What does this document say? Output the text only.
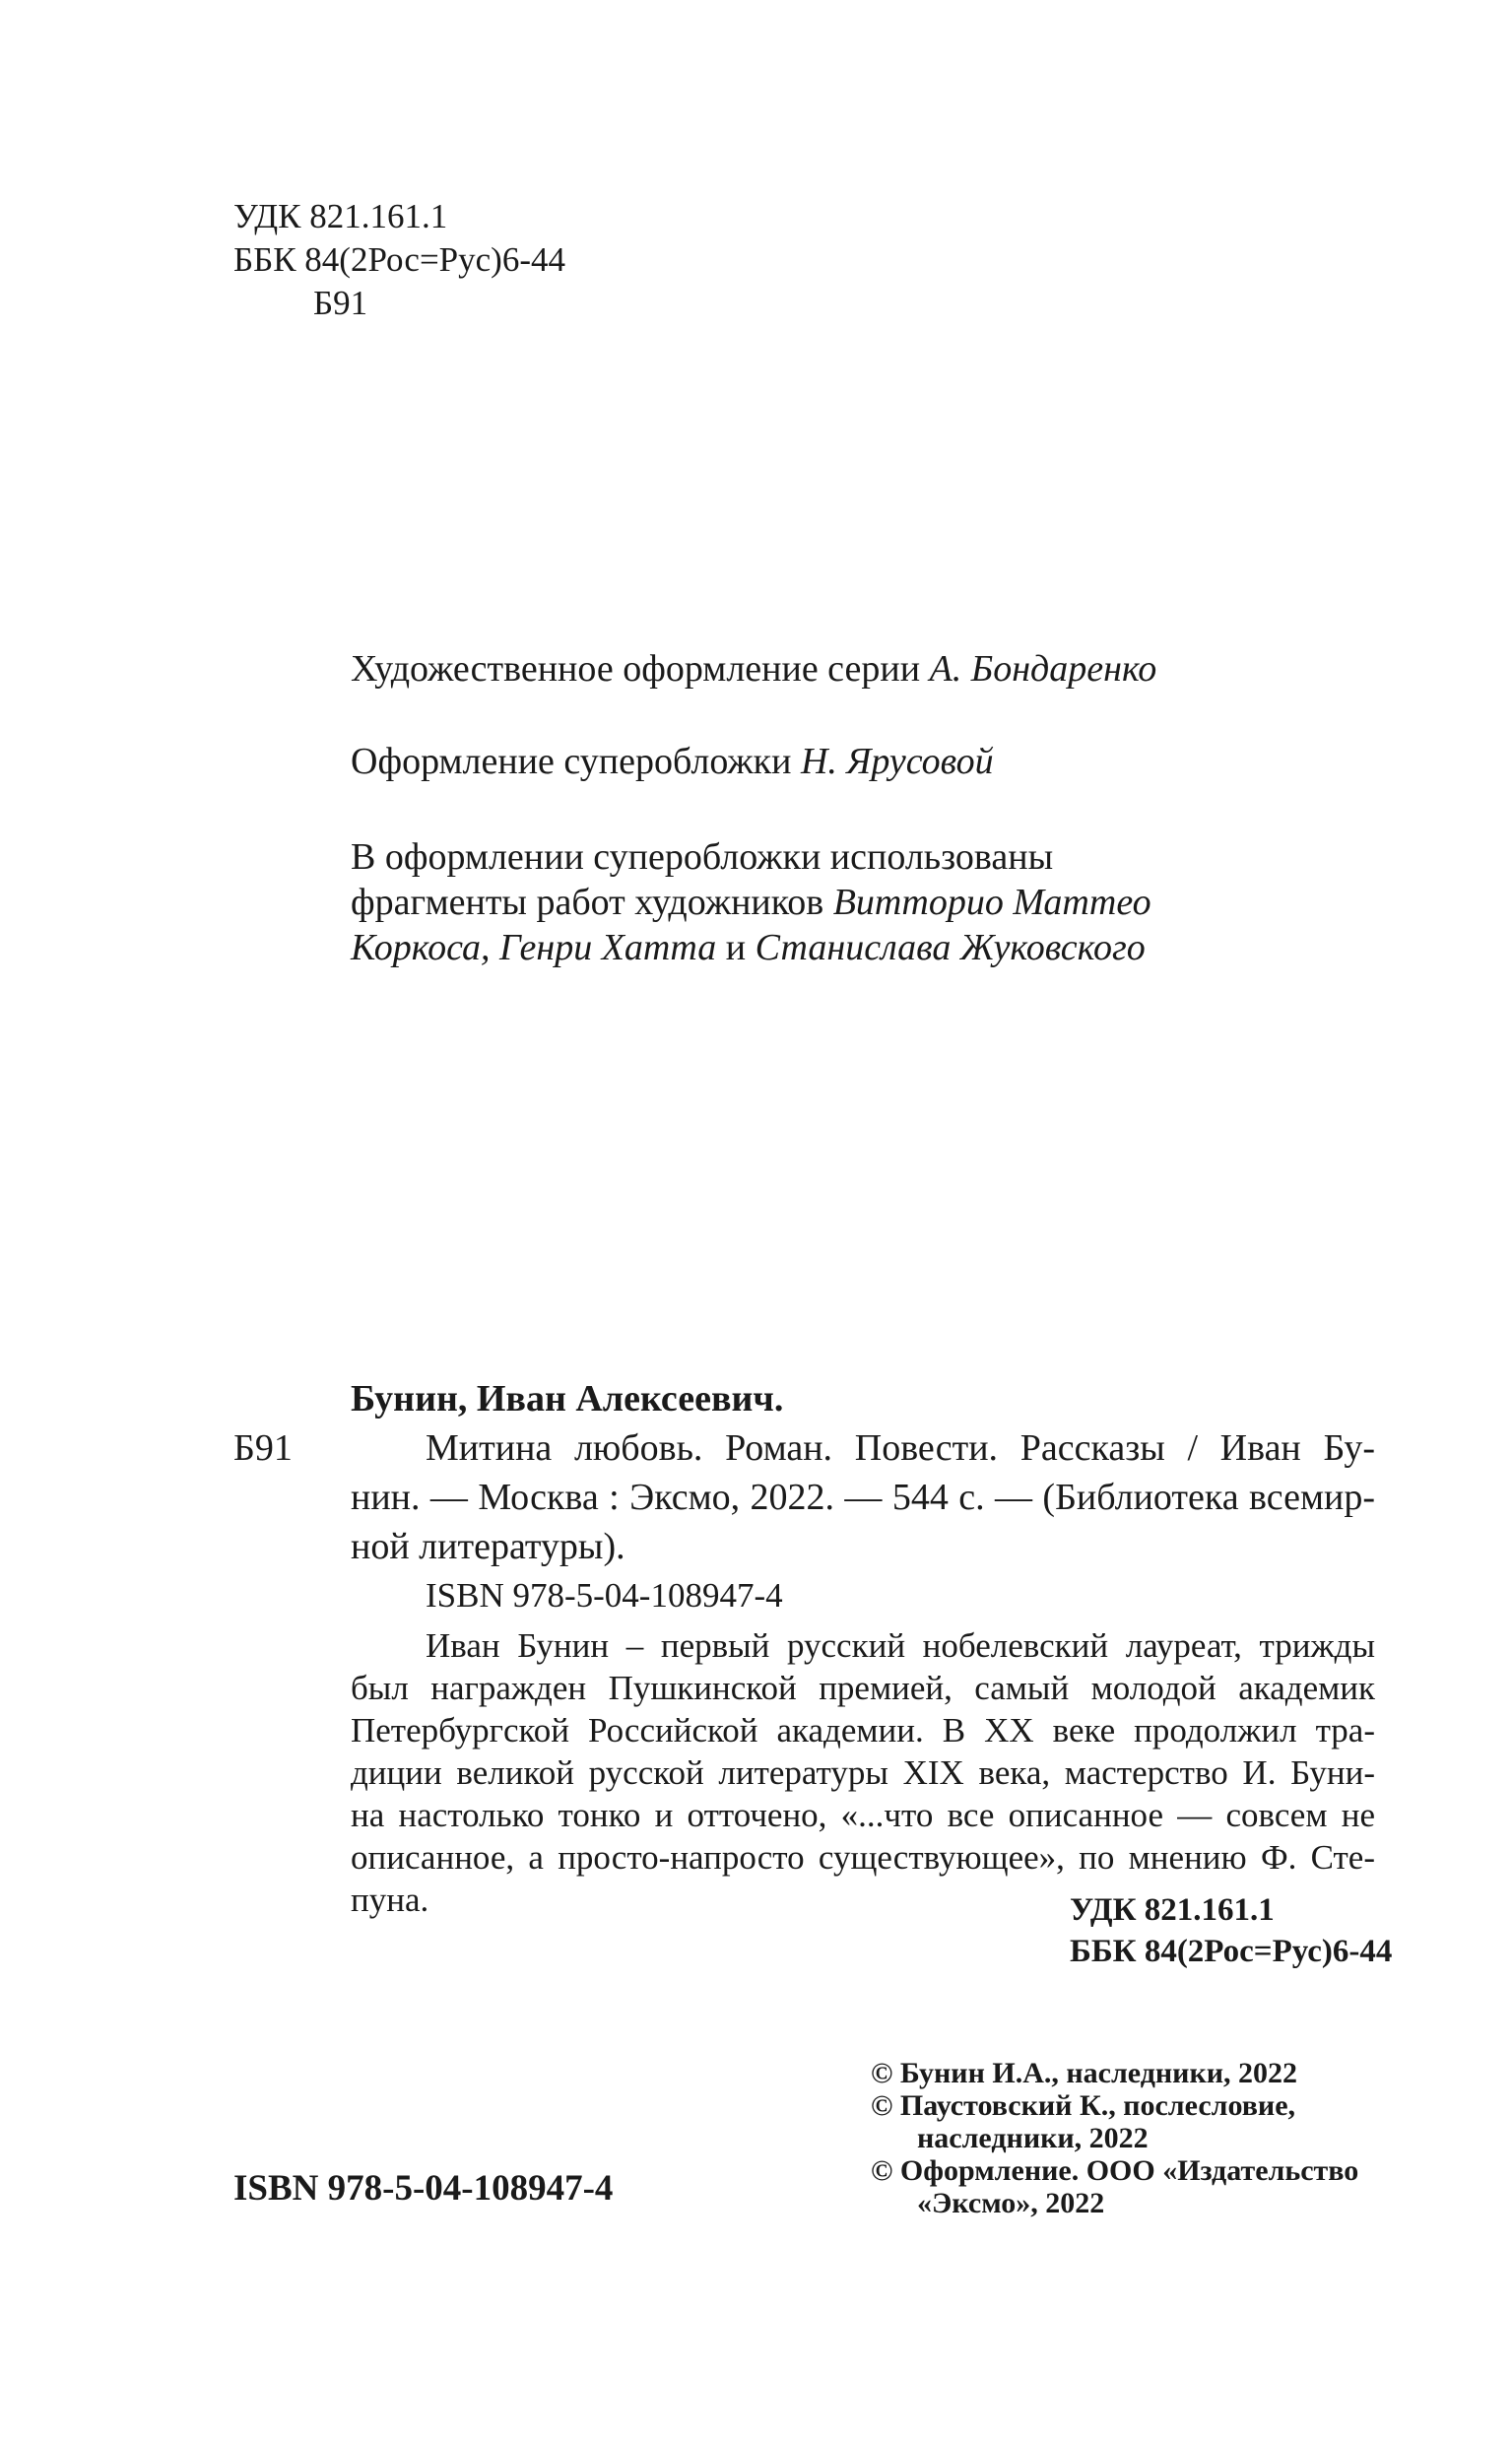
УДК 821.161.1
ББК 84(2Рос=Рус)6-44
Б91
Художественное оформление серии А. Бондаренко
Оформление суперобложки Н. Ярусовой
В оформлении суперобложки использованы
фрагменты работ художников Витторио Маттео
Коркоса, Генри Хатта и Станислава Жуковского
Бунин, Иван Алексеевич.
Б91	Митина любовь. Роман. Повести. Рассказы / Иван Бу-
нин. — Москва : Эксмо, 2022. — 544 с. — (Библиотека всемир-
ной литературы).
ISBN 978-5-04-108947-4
Иван Бунин – первый русский нобелевский лауреат, трижды
был награжден Пушкинской премией, самый молодой академик
Петербургской Российской академии. В XX веке продолжил тра-
диции великой русской литературы XIX века, мастерство И. Буни-
на настолько тонко и отточено, «...что все описанное — совсем не
описанное, а просто-напросто существующее», по мнению Ф. Сте-
пуна.	УДК 821.161.1
ББК 84(2Рос=Рус)6-44
© Бунин И.А., наследники, 2022
© Паустовский К., послесловие,
наследники, 2022
© Оформление. ООО «Издательство
«Эксмо», 2022
ISBN 978-5-04-108947-4
